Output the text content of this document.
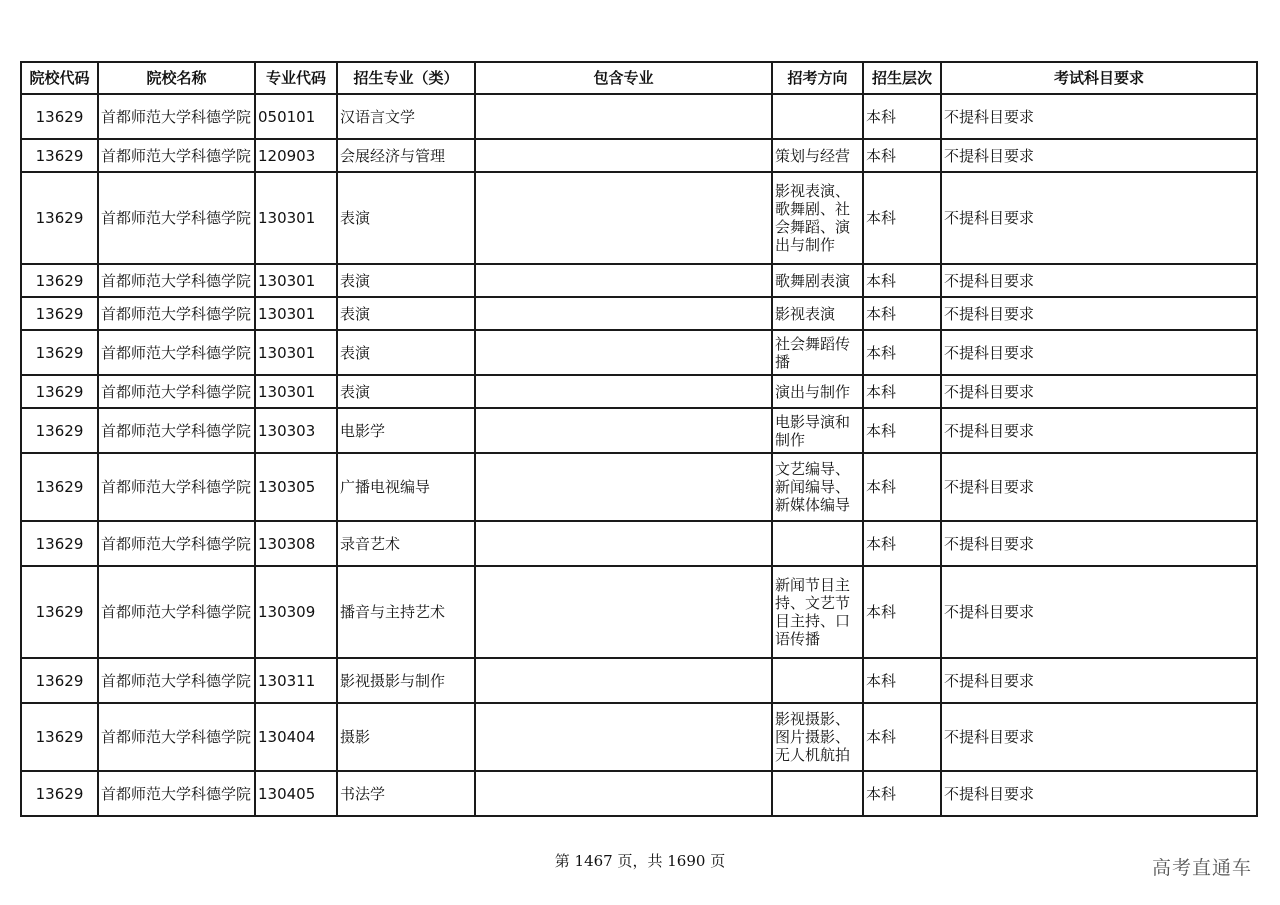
院校代码	院校名称	专业代码	招生专业（类）	包含专业	招考方向	招生层次	考试科目要求
13629	首都师范大学科德学院	050101	汉语言文学			本科	不提科目要求
13629	首都师范大学科德学院	120903	会展经济与管理		策划与经营	本科	不提科目要求
13629	首都师范大学科德学院	130301	表演		影视表演、歌舞剧、社会舞蹈、演出与制作	本科	不提科目要求
13629	首都师范大学科德学院	130301	表演		歌舞剧表演	本科	不提科目要求
13629	首都师范大学科德学院	130301	表演		影视表演	本科	不提科目要求
13629	首都师范大学科德学院	130301	表演		社会舞蹈传播	本科	不提科目要求
13629	首都师范大学科德学院	130301	表演		演出与制作	本科	不提科目要求
13629	首都师范大学科德学院	130303	电影学		电影导演和制作	本科	不提科目要求
13629	首都师范大学科德学院	130305	广播电视编导		文艺编导、新闻编导、新媒体编导	本科	不提科目要求
13629	首都师范大学科德学院	130308	录音艺术			本科	不提科目要求
13629	首都师范大学科德学院	130309	播音与主持艺术		新闻节目主持、文艺节目主持、口语传播	本科	不提科目要求
13629	首都师范大学科德学院	130311	影视摄影与制作			本科	不提科目要求
13629	首都师范大学科德学院	130404	摄影		影视摄影、图片摄影、无人机航拍	本科	不提科目要求
13629	首都师范大学科德学院	130405	书法学			本科	不提科目要求
第 1467 页，共 1690 页	高考直通车
